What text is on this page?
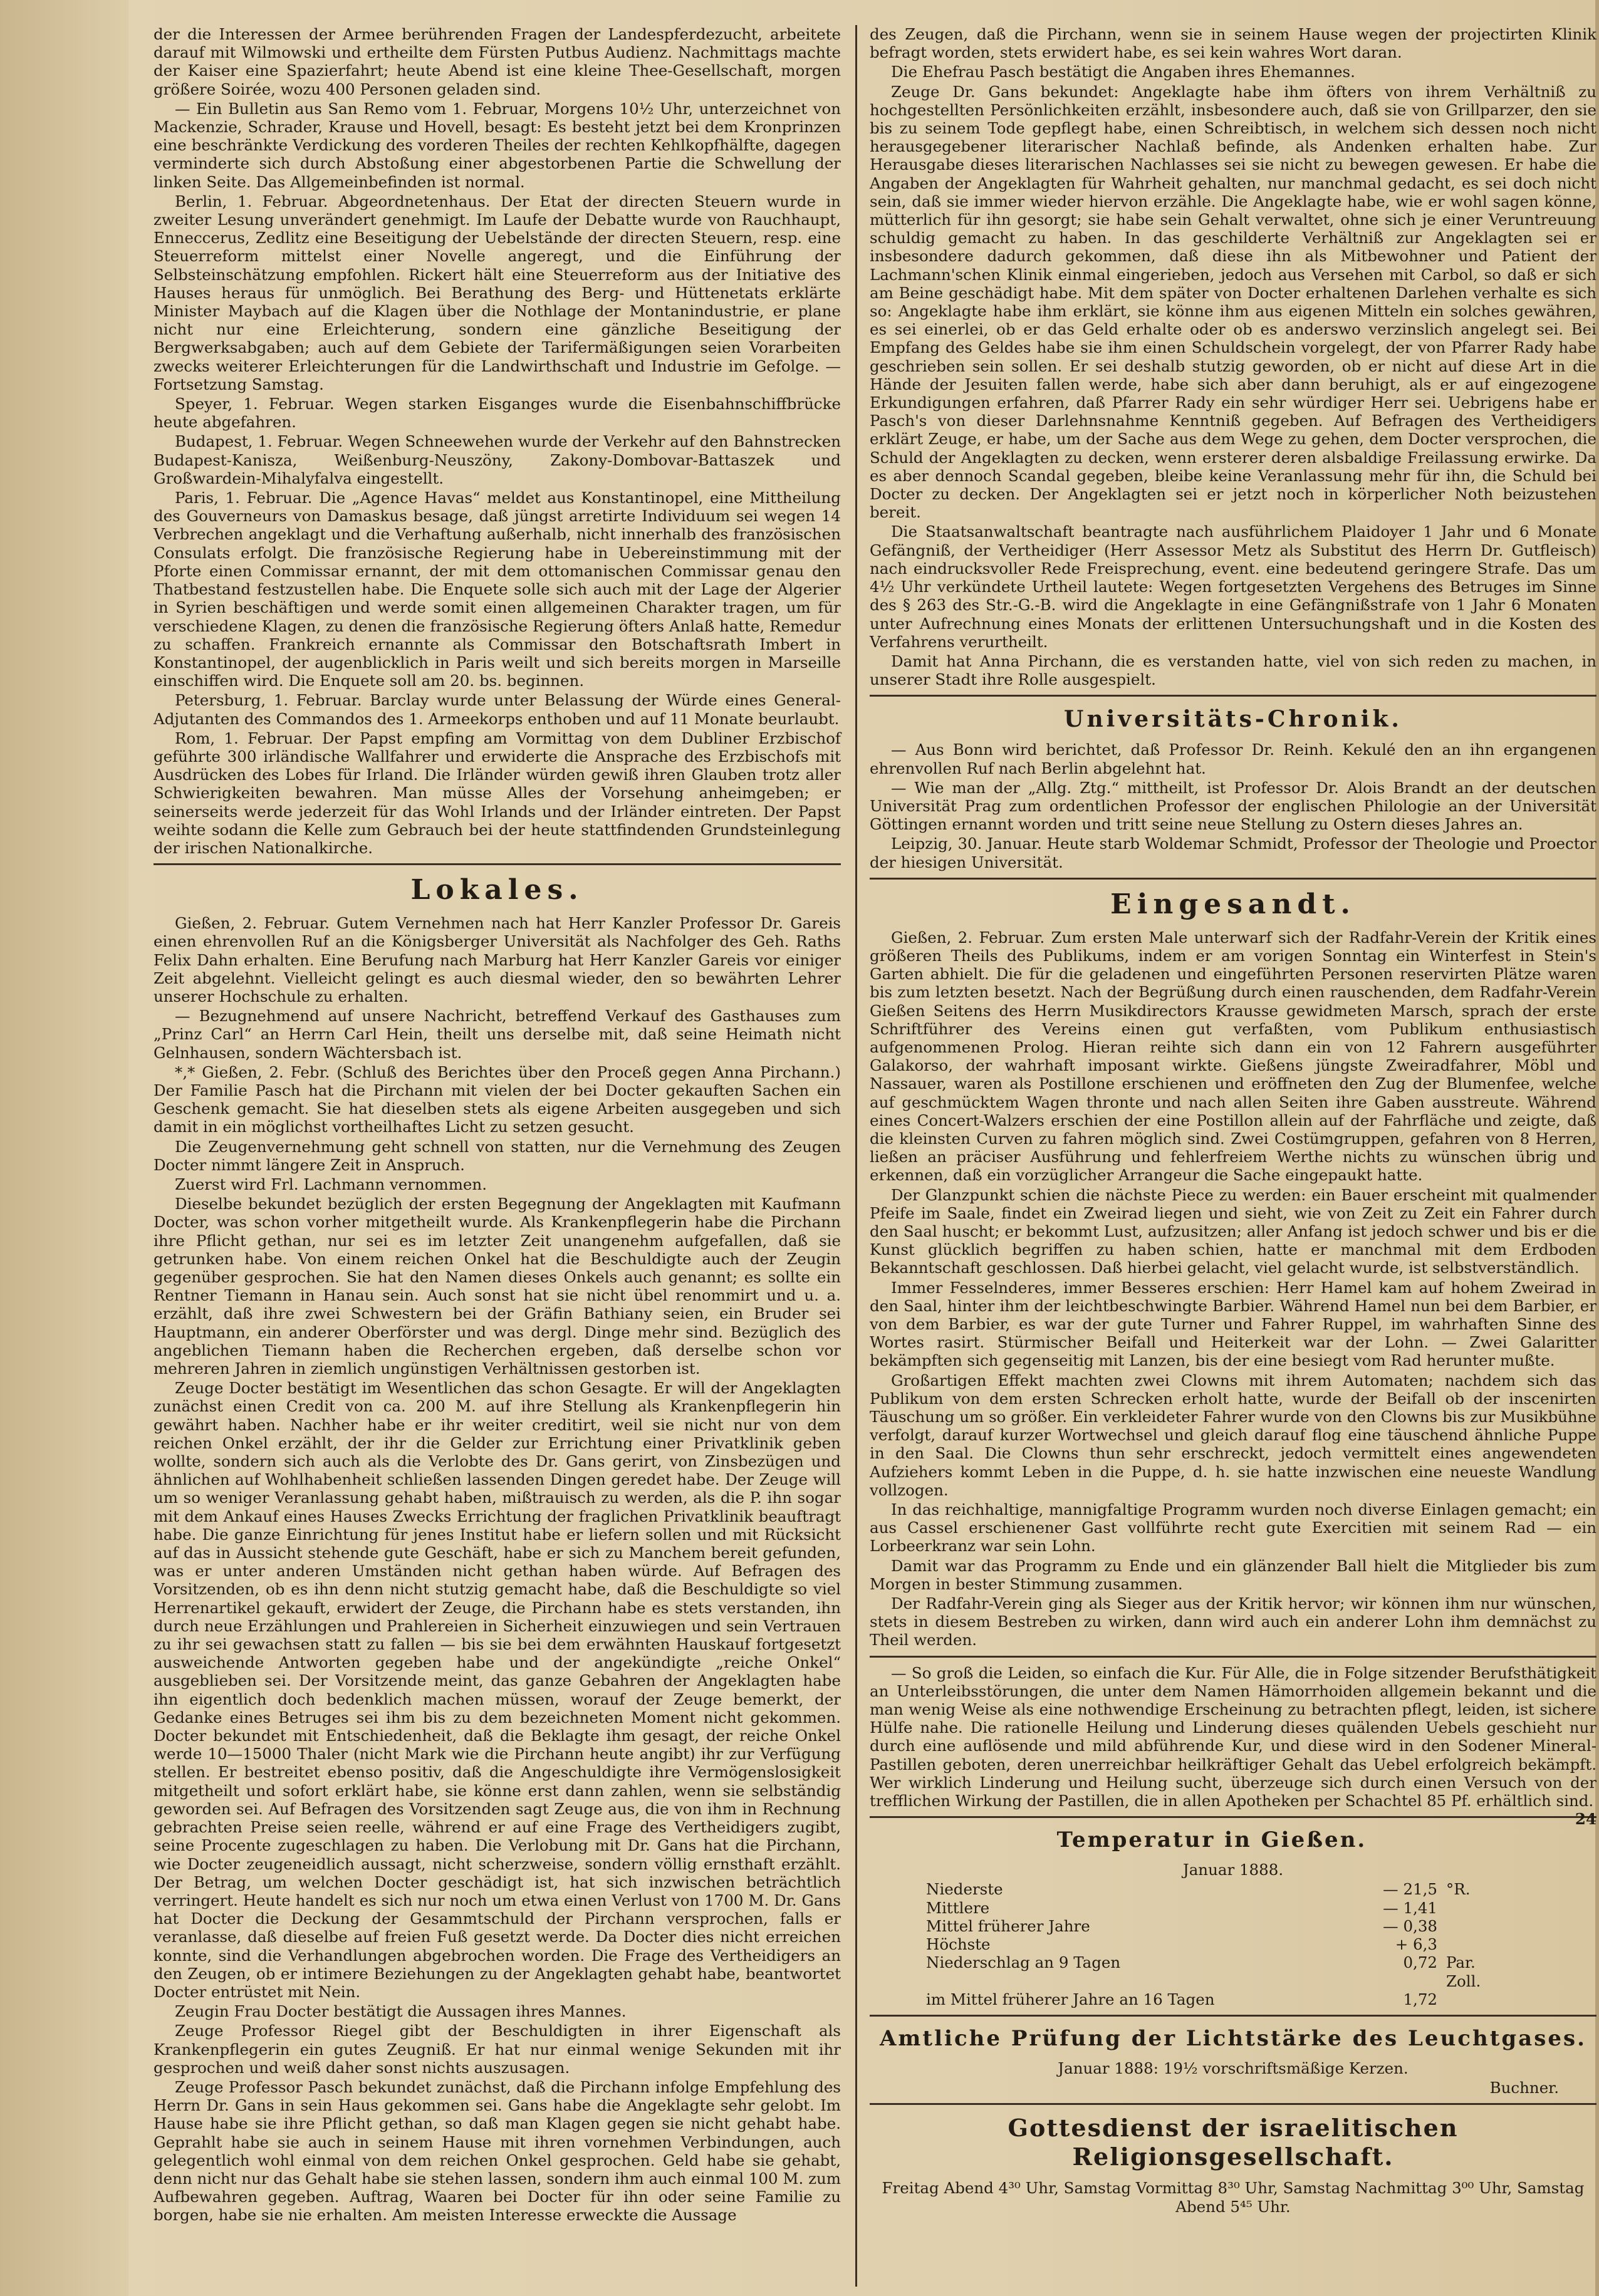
der die Interessen der Armee berührenden Fragen der Landespferdezucht, arbeitete darauf mit Wilmowski und ertheilte dem Fürsten Putbus Audienz. Nachmittags machte der Kaiser eine Spazierfahrt; heute Abend ist eine kleine Thee-Gesellschaft, morgen größere Soirée, wozu 400 Personen geladen sind.

— Ein Bulletin aus San Remo vom 1. Februar, Morgens 10½ Uhr, unterzeichnet von Mackenzie, Schrader, Krause und Hovell, besagt: Es besteht jetzt bei dem Kronprinzen eine beschränkte Verdickung des vorderen Theiles der rechten Kehlkopfhälfte, dagegen verminderte sich durch Abstoßung einer abgestorbenen Partie die Schwellung der linken Seite. Das Allgemeinbefinden ist normal.

Berlin, 1. Februar. Abgeordnetenhaus. Der Etat der directen Steuern wurde in zweiter Lesung unverändert genehmigt. Im Laufe der Debatte wurde von Rauchhaupt, Enneccerus, Zedlitz eine Beseitigung der Uebelstände der directen Steuern, resp. eine Steuerreform mittelst einer Novelle angeregt, und die Einführung der Selbsteinschätzung empfohlen. Rickert hält eine Steuerreform aus der Initiative des Hauses heraus für unmöglich. Bei Berathung des Berg- und Hüttenetats erklärte Minister Maybach auf die Klagen über die Nothlage der Montanindustrie, er plane nicht nur eine Erleichterung, sondern eine gänzliche Beseitigung der Bergwerksabgaben; auch auf dem Gebiete der Tarifermäßigungen seien Vorarbeiten zwecks weiterer Erleichterungen für die Landwirthschaft und Industrie im Gefolge. — Fortsetzung Samstag.

Speyer, 1. Februar. Wegen starken Eisganges wurde die Eisenbahnschiffbrücke heute abgefahren.

Budapest, 1. Februar. Wegen Schneewehen wurde der Verkehr auf den Bahnstrecken Budapest-Kanisza, Weißenburg-Neuszöny, Zakony-Dombovar-Battaszek und Großwardein-Mihalyfalva eingestellt.

Paris, 1. Februar. Die „Agence Havas“ meldet aus Konstantinopel, eine Mittheilung des Gouverneurs von Damaskus besage, daß jüngst arretirte Individuum sei wegen 14 Verbrechen angeklagt und die Verhaftung außerhalb, nicht innerhalb des französischen Consulats erfolgt. Die französische Regierung habe in Uebereinstimmung mit der Pforte einen Commissar ernannt, der mit dem ottomanischen Commissar genau den Thatbestand festzustellen habe. Die Enquete solle sich auch mit der Lage der Algerier in Syrien beschäftigen und werde somit einen allgemeinen Charakter tragen, um für verschiedene Klagen, zu denen die französische Regierung öfters Anlaß hatte, Remedur zu schaffen. Frankreich ernannte als Commissar den Botschaftsrath Imbert in Konstantinopel, der augenblicklich in Paris weilt und sich bereits morgen in Marseille einschiffen wird. Die Enquete soll am 20. bs. beginnen.

Petersburg, 1. Februar. Barclay wurde unter Belassung der Würde eines General-Adjutanten des Commandos des 1. Armeekorps enthoben und auf 11 Monate beurlaubt.

Rom, 1. Februar. Der Papst empfing am Vormittag von dem Dubliner Erzbischof geführte 300 irländische Wallfahrer und erwiderte die Ansprache des Erzbischofs mit Ausdrücken des Lobes für Irland. Die Irländer würden gewiß ihren Glauben trotz aller Schwierigkeiten bewahren. Man müsse Alles der Vorsehung anheimgeben; er seinerseits werde jederzeit für das Wohl Irlands und der Irländer eintreten. Der Papst weihte sodann die Kelle zum Gebrauch bei der heute stattfindenden Grundsteinlegung der irischen Nationalkirche.

Lokales.

Gießen, 2. Februar. Gutem Vernehmen nach hat Herr Kanzler Professor Dr. Gareis einen ehrenvollen Ruf an die Königsberger Universität als Nachfolger des Geh. Raths Felix Dahn erhalten. Eine Berufung nach Marburg hat Herr Kanzler Gareis vor einiger Zeit abgelehnt. Vielleicht gelingt es auch diesmal wieder, den so bewährten Lehrer unserer Hochschule zu erhalten.

— Bezugnehmend auf unsere Nachricht, betreffend Verkauf des Gasthauses zum „Prinz Carl“ an Herrn Carl Hein, theilt uns derselbe mit, daß seine Heimath nicht Gelnhausen, sondern Wächtersbach ist.

*‚* Gießen, 2. Febr. (Schluß des Berichtes über den Proceß gegen Anna Pirchann.) Der Familie Pasch hat die Pirchann mit vielen der bei Docter gekauften Sachen ein Geschenk gemacht. Sie hat dieselben stets als eigene Arbeiten ausgegeben und sich damit in ein möglichst vortheilhaftes Licht zu setzen gesucht.

Die Zeugenvernehmung geht schnell von statten, nur die Vernehmung des Zeugen Docter nimmt längere Zeit in Anspruch.

Zuerst wird Frl. Lachmann vernommen.

Dieselbe bekundet bezüglich der ersten Begegnung der Angeklagten mit Kaufmann Docter, was schon vorher mitgetheilt wurde. Als Krankenpflegerin habe die Pirchann ihre Pflicht gethan, nur sei es im letzter Zeit unangenehm aufgefallen, daß sie getrunken habe. Von einem reichen Onkel hat die Beschuldigte auch der Zeugin gegenüber gesprochen. Sie hat den Namen dieses Onkels auch genannt; es sollte ein Rentner Tiemann in Hanau sein. Auch sonst hat sie nicht übel renommirt und u. a. erzählt, daß ihre zwei Schwestern bei der Gräfin Bathiany seien, ein Bruder sei Hauptmann, ein anderer Oberförster und was dergl. Dinge mehr sind. Bezüglich des angeblichen Tiemann haben die Recherchen ergeben, daß derselbe schon vor mehreren Jahren in ziemlich ungünstigen Verhältnissen gestorben ist.

Zeuge Docter bestätigt im Wesentlichen das schon Gesagte. Er will der Angeklagten zunächst einen Credit von ca. 200 M. auf ihre Stellung als Krankenpflegerin hin gewährt haben. Nachher habe er ihr weiter creditirt, weil sie nicht nur von dem reichen Onkel erzählt, der ihr die Gelder zur Errichtung einer Privatklinik geben wollte, sondern sich auch als die Verlobte des Dr. Gans gerirt, von Zinsbezügen und ähnlichen auf Wohlhabenheit schließen lassenden Dingen geredet habe. Der Zeuge will um so weniger Veranlassung gehabt haben, mißtrauisch zu werden, als die P. ihn sogar mit dem Ankauf eines Hauses Zwecks Errichtung der fraglichen Privatklinik beauftragt habe. Die ganze Einrichtung für jenes Institut habe er liefern sollen und mit Rücksicht auf das in Aussicht stehende gute Geschäft, habe er sich zu Manchem bereit gefunden, was er unter anderen Umständen nicht gethan haben würde. Auf Befragen des Vorsitzenden, ob es ihn denn nicht stutzig gemacht habe, daß die Beschuldigte so viel Herrenartikel gekauft, erwidert der Zeuge, die Pirchann habe es stets verstanden, ihn durch neue Erzählungen und Prahlereien in Sicherheit einzuwiegen und sein Vertrauen zu ihr sei gewachsen statt zu fallen — bis sie bei dem erwähnten Hauskauf fortgesetzt ausweichende Antworten gegeben habe und der angekündigte „reiche Onkel“ ausgeblieben sei. Der Vorsitzende meint, das ganze Gebahren der Angeklagten habe ihn eigentlich doch bedenklich machen müssen, worauf der Zeuge bemerkt, der Gedanke eines Betruges sei ihm bis zu dem bezeichneten Moment nicht gekommen. Docter bekundet mit Entschiedenheit, daß die Beklagte ihm gesagt, der reiche Onkel werde 10—15000 Thaler (nicht Mark wie die Pirchann heute angibt) ihr zur Verfügung stellen. Er bestreitet ebenso positiv, daß die Angeschuldigte ihre Vermögenslosigkeit mitgetheilt und sofort erklärt habe, sie könne erst dann zahlen, wenn sie selbständig geworden sei. Auf Befragen des Vorsitzenden sagt Zeuge aus, die von ihm in Rechnung gebrachten Preise seien reelle, während er auf eine Frage des Vertheidigers zugibt, seine Procente zugeschlagen zu haben. Die Verlobung mit Dr. Gans hat die Pirchann, wie Docter zeugeneidlich aussagt, nicht scherzweise, sondern völlig ernsthaft erzählt. Der Betrag, um welchen Docter geschädigt ist, hat sich inzwischen beträchtlich verringert. Heute handelt es sich nur noch um etwa einen Verlust von 1700 M. Dr. Gans hat Docter die Deckung der Gesammtschuld der Pirchann versprochen, falls er veranlasse, daß dieselbe auf freien Fuß gesetzt werde. Da Docter dies nicht erreichen konnte, sind die Verhandlungen abgebrochen worden. Die Frage des Vertheidigers an den Zeugen, ob er intimere Beziehungen zu der Angeklagten gehabt habe, beantwortet Docter entrüstet mit Nein.

Zeugin Frau Docter bestätigt die Aussagen ihres Mannes.

Zeuge Professor Riegel gibt der Beschuldigten in ihrer Eigenschaft als Krankenpflegerin ein gutes Zeugniß. Er hat nur einmal wenige Sekunden mit ihr gesprochen und weiß daher sonst nichts auszusagen.

Zeuge Professor Pasch bekundet zunächst, daß die Pirchann infolge Empfehlung des Herrn Dr. Gans in sein Haus gekommen sei. Gans habe die Angeklagte sehr gelobt. Im Hause habe sie ihre Pflicht gethan, so daß man Klagen gegen sie nicht gehabt habe. Geprahlt habe sie auch in seinem Hause mit ihren vornehmen Verbindungen, auch gelegentlich wohl einmal von dem reichen Onkel gesprochen. Geld habe sie gehabt, denn nicht nur das Gehalt habe sie stehen lassen, sondern ihm auch einmal 100 M. zum Aufbewahren gegeben. Auftrag, Waaren bei Docter für ihn oder seine Familie zu borgen, habe sie nie erhalten. Am meisten Interesse erweckte die Aussage

des Zeugen, daß die Pirchann, wenn sie in seinem Hause wegen der projectirten Klinik befragt worden, stets erwidert habe, es sei kein wahres Wort daran.

Die Ehefrau Pasch bestätigt die Angaben ihres Ehemannes.

Zeuge Dr. Gans bekundet: Angeklagte habe ihm öfters von ihrem Verhältniß zu hochgestellten Persönlichkeiten erzählt, insbesondere auch, daß sie von Grillparzer, den sie bis zu seinem Tode gepflegt habe, einen Schreibtisch, in welchem sich dessen noch nicht herausgegebener literarischer Nachlaß befinde, als Andenken erhalten habe. Zur Herausgabe dieses literarischen Nachlasses sei sie nicht zu bewegen gewesen. Er habe die Angaben der Angeklagten für Wahrheit gehalten, nur manchmal gedacht, es sei doch nicht sein, daß sie immer wieder hiervon erzähle. Die Angeklagte habe, wie er wohl sagen könne, mütterlich für ihn gesorgt; sie habe sein Gehalt verwaltet, ohne sich je einer Veruntreuung schuldig gemacht zu haben. In das geschilderte Verhältniß zur Angeklagten sei er insbesondere dadurch gekommen, daß diese ihn als Mitbewohner und Patient der Lachmann'schen Klinik einmal eingerieben, jedoch aus Versehen mit Carbol, so daß er sich am Beine geschädigt habe. Mit dem später von Docter erhaltenen Darlehen verhalte es sich so: Angeklagte habe ihm erklärt, sie könne ihm aus eigenen Mitteln ein solches gewähren, es sei einerlei, ob er das Geld erhalte oder ob es anderswo verzinslich angelegt sei. Bei Empfang des Geldes habe sie ihm einen Schuldschein vorgelegt, der von Pfarrer Rady habe geschrieben sein sollen. Er sei deshalb stutzig geworden, ob er nicht auf diese Art in die Hände der Jesuiten fallen werde, habe sich aber dann beruhigt, als er auf eingezogene Erkundigungen erfahren, daß Pfarrer Rady ein sehr würdiger Herr sei. Uebrigens habe er Pasch's von dieser Darlehnsnahme Kenntniß gegeben. Auf Befragen des Vertheidigers erklärt Zeuge, er habe, um der Sache aus dem Wege zu gehen, dem Docter versprochen, die Schuld der Angeklagten zu decken, wenn ersterer deren alsbaldige Freilassung erwirke. Da es aber dennoch Scandal gegeben, bleibe keine Veranlassung mehr für ihn, die Schuld bei Docter zu decken. Der Angeklagten sei er jetzt noch in körperlicher Noth beizustehen bereit.

Die Staatsanwaltschaft beantragte nach ausführlichem Plaidoyer 1 Jahr und 6 Monate Gefängniß, der Vertheidiger (Herr Assessor Metz als Substitut des Herrn Dr. Gutfleisch) nach eindrucksvoller Rede Freisprechung, event. eine bedeutend geringere Strafe. Das um 4½ Uhr verkündete Urtheil lautete: Wegen fortgesetzten Vergehens des Betruges im Sinne des § 263 des Str.-G.-B. wird die Angeklagte in eine Gefängnißstrafe von 1 Jahr 6 Monaten unter Aufrechnung eines Monats der erlittenen Untersuchungshaft und in die Kosten des Verfahrens verurtheilt.

Damit hat Anna Pirchann, die es verstanden hatte, viel von sich reden zu machen, in unserer Stadt ihre Rolle ausgespielt.

Universitäts-Chronik.

— Aus Bonn wird berichtet, daß Professor Dr. Reinh. Kekulé den an ihn ergangenen ehrenvollen Ruf nach Berlin abgelehnt hat.

— Wie man der „Allg. Ztg.“ mittheilt, ist Professor Dr. Alois Brandt an der deutschen Universität Prag zum ordentlichen Professor der englischen Philologie an der Universität Göttingen ernannt worden und tritt seine neue Stellung zu Ostern dieses Jahres an.

Leipzig, 30. Januar. Heute starb Woldemar Schmidt, Professor der Theologie und Proector der hiesigen Universität.

Eingesandt.

Gießen, 2. Februar. Zum ersten Male unterwarf sich der Radfahr-Verein der Kritik eines größeren Theils des Publikums, indem er am vorigen Sonntag ein Winterfest in Stein's Garten abhielt. Die für die geladenen und eingeführten Personen reservirten Plätze waren bis zum letzten besetzt. Nach der Begrüßung durch einen rauschenden, dem Radfahr-Verein Gießen Seitens des Herrn Musikdirectors Krausse gewidmeten Marsch, sprach der erste Schriftführer des Vereins einen gut verfaßten, vom Publikum enthusiastisch aufgenommenen Prolog. Hieran reihte sich dann ein von 12 Fahrern ausgeführter Galakorso, der wahrhaft imposant wirkte. Gießens jüngste Zweiradfahrer, Möbl und Nassauer, waren als Postillone erschienen und eröffneten den Zug der Blumenfee, welche auf geschmücktem Wagen thronte und nach allen Seiten ihre Gaben ausstreute. Während eines Concert-Walzers erschien der eine Postillon allein auf der Fahrfläche und zeigte, daß die kleinsten Curven zu fahren möglich sind. Zwei Costümgruppen, gefahren von 8 Herren, ließen an präciser Ausführung und fehlerfreiem Werthe nichts zu wünschen übrig und erkennen, daß ein vorzüglicher Arrangeur die Sache eingepaukt hatte.

Der Glanzpunkt schien die nächste Piece zu werden: ein Bauer erscheint mit qualmender Pfeife im Saale, findet ein Zweirad liegen und sieht, wie von Zeit zu Zeit ein Fahrer durch den Saal huscht; er bekommt Lust, aufzusitzen; aller Anfang ist jedoch schwer und bis er die Kunst glücklich begriffen zu haben schien, hatte er manchmal mit dem Erdboden Bekanntschaft geschlossen. Daß hierbei gelacht, viel gelacht wurde, ist selbstverständlich.

Immer Fesselnderes, immer Besseres erschien: Herr Hamel kam auf hohem Zweirad in den Saal, hinter ihm der leichtbeschwingte Barbier. Während Hamel nun bei dem Barbier, er von dem Barbier, es war der gute Turner und Fahrer Ruppel, im wahrhaften Sinne des Wortes rasirt. Stürmischer Beifall und Heiterkeit war der Lohn. — Zwei Galaritter bekämpften sich gegenseitig mit Lanzen, bis der eine besiegt vom Rad herunter mußte.

Großartigen Effekt machten zwei Clowns mit ihrem Automaten; nachdem sich das Publikum von dem ersten Schrecken erholt hatte, wurde der Beifall ob der inscenirten Täuschung um so größer. Ein verkleideter Fahrer wurde von den Clowns bis zur Musikbühne verfolgt, darauf kurzer Wortwechsel und gleich darauf flog eine täuschend ähnliche Puppe in den Saal. Die Clowns thun sehr erschreckt, jedoch vermittelt eines angewendeten Aufziehers kommt Leben in die Puppe, d. h. sie hatte inzwischen eine neueste Wandlung vollzogen.

In das reichhaltige, mannigfaltige Programm wurden noch diverse Einlagen gemacht; ein aus Cassel erschienener Gast vollführte recht gute Exercitien mit seinem Rad — ein Lorbeerkranz war sein Lohn.

Damit war das Programm zu Ende und ein glänzender Ball hielt die Mitglieder bis zum Morgen in bester Stimmung zusammen.

Der Radfahr-Verein ging als Sieger aus der Kritik hervor; wir können ihm nur wünschen, stets in diesem Bestreben zu wirken, dann wird auch ein anderer Lohn ihm demnächst zu Theil werden.

— So groß die Leiden, so einfach die Kur. Für Alle, die in Folge sitzender Berufsthätigkeit an Unterleibsstörungen, die unter dem Namen Hämorrhoiden allgemein bekannt und die man wenig Weise als eine nothwendige Erscheinung zu betrachten pflegt, leiden, ist sichere Hülfe nahe. Die rationelle Heilung und Linderung dieses quälenden Uebels geschieht nur durch eine auflösende und mild abführende Kur, und diese wird in den Sodener Mineral-Pastillen geboten, deren unerreichbar heilkräftiger Gehalt das Uebel erfolgreich bekämpft. Wer wirklich Linderung und Heilung sucht, überzeuge sich durch einen Versuch von der trefflichen Wirkung der Pastillen, die in allen Apotheken per Schachtel 85 Pf. erhältlich sind.
24

Temperatur in Gießen.

Januar 1888.

Niederste	— 21,5 °R.
Mittlere	— 1,41
Mittel früherer Jahre	— 0,38
Höchste	+ 6,3
Niederschlag an 9 Tagen	0,72 Par. Zoll.
im Mittel früherer Jahre an 16 Tagen	1,72
Amtliche Prüfung der Lichtstärke des Leuchtgases.

Januar 1888: 19½ vorschriftsmäßige Kerzen.

Buchner.

Gottesdienst der israelitischen Religionsgesellschaft.

Freitag Abend 4³⁰ Uhr, Samstag Vormittag 8³⁰ Uhr, Samstag Nachmittag 3⁰⁰ Uhr, Samstag Abend 5⁴⁵ Uhr.
